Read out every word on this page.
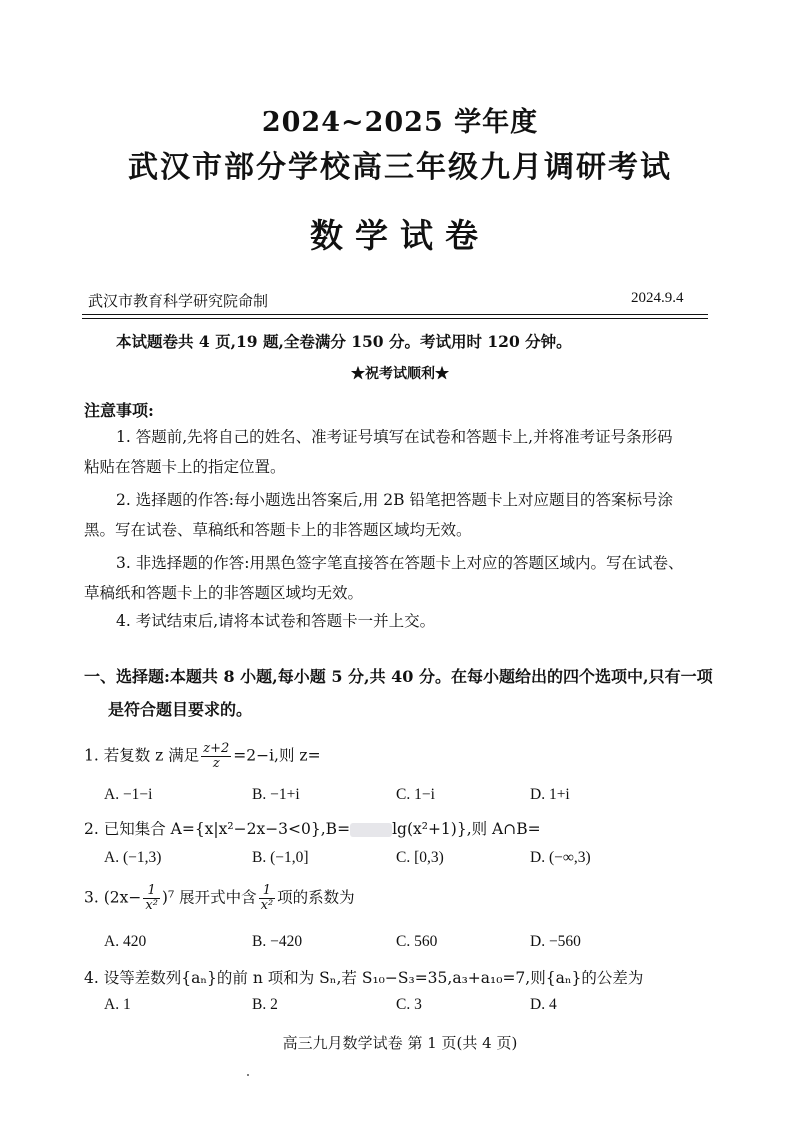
2024~2025 学年度
武汉市部分学校高三年级九月调研考试
数学试卷
武汉市教育科学研究院命制	2024.9.4
本试题卷共 4 页,19 题,全卷满分 150 分。考试用时 120 分钟。
★祝考试顺利★
注意事项:
1. 答题前,先将自己的姓名、准考证号填写在试卷和答题卡上,并将准考证号条形码
粘贴在答题卡上的指定位置。
2. 选择题的作答:每小题选出答案后,用 2B 铅笔把答题卡上对应题目的答案标号涂
黑。写在试卷、草稿纸和答题卡上的非答题区域均无效。
3. 非选择题的作答:用黑色签字笔直接答在答题卡上对应的答题区域内。写在试卷、
草稿纸和答题卡上的非答题区域均无效。
4. 考试结束后,请将本试卷和答题卡一并上交。
一、选择题:本题共 8 小题,每小题 5 分,共 40 分。在每小题给出的四个选项中,只有一项
是符合题目要求的。
1. 若复数 z 满足 $\frac{z+2}{z} =2-i$,则 z=
A. −1−i	B. −1+i	C. 1−i	D. 1+i
2. 已知集合 A={x|x²−2x−3<0},B=	lg(x²+1)},则 A∩B=
A. (−1,3)	B. (−1,0]	C. [0,3)	D. (−∞,3)
3. $(2x- \frac{1}{\text{x²}} )^7$ 展开式中含 $\frac{1}{\text{x²}}$ 项的系数为
A. 420	B. −420	C. 560	D. −560
4. 设等差数列{aₙ}的前 n 项和为 Sₙ,若 S₁₀−S₃=35,a₃+a₁₀=7,则{aₙ}的公差为
A. 1	B. 2	C. 3	D. 4
高三九月数学试卷 第 1 页(共 4 页)
